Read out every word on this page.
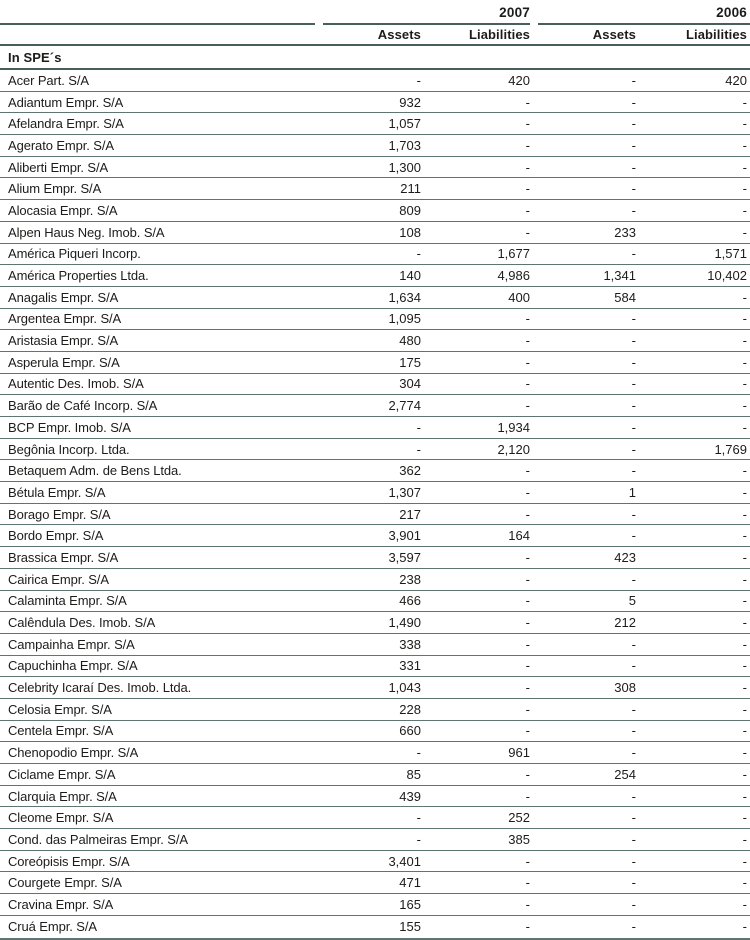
2007	2006
Assets	Liabilities	Assets	Liabilities
In SPE´s
Acer Part. S/A	-	420	-	420
Adiantum Empr. S/A	932	-	-	-
Afelandra Empr. S/A	1,057	-	-	-
Agerato Empr. S/A	1,703	-	-	-
Aliberti Empr. S/A	1,300	-	-	-
Alium Empr. S/A	211	-	-	-
Alocasia Empr. S/A	809	-	-	-
Alpen Haus Neg. Imob. S/A	108	-	233	-
América Piqueri Incorp.	-	1,677	-	1,571
América Properties Ltda.	140	4,986	1,341	10,402
Anagalis Empr. S/A	1,634	400	584	-
Argentea Empr. S/A	1,095	-	-	-
Aristasia Empr. S/A	480	-	-	-
Asperula Empr. S/A	175	-	-	-
Autentic Des. Imob. S/A	304	-	-	-
Barão de Café Incorp. S/A	2,774	-	-	-
BCP Empr. Imob. S/A	-	1,934	-	-
Begônia Incorp. Ltda.	-	2,120	-	1,769
Betaquem Adm. de Bens Ltda.	362	-	-	-
Bétula Empr. S/A	1,307	-	1	-
Borago Empr. S/A	217	-	-	-
Bordo Empr. S/A	3,901	164	-	-
Brassica Empr. S/A	3,597	-	423	-
Cairica Empr. S/A	238	-	-	-
Calaminta Empr. S/A	466	-	5	-
Calêndula Des. Imob. S/A	1,490	-	212	-
Campainha Empr. S/A	338	-	-	-
Capuchinha Empr. S/A	331	-	-	-
Celebrity Icaraí Des. Imob. Ltda.	1,043	-	308	-
Celosia Empr. S/A	228	-	-	-
Centela Empr. S/A	660	-	-	-
Chenopodio Empr. S/A	-	961	-	-
Ciclame Empr. S/A	85	-	254	-
Clarquia Empr. S/A	439	-	-	-
Cleome Empr. S/A	-	252	-	-
Cond. das Palmeiras Empr. S/A	-	385	-	-
Coreópisis Empr. S/A	3,401	-	-	-
Courgete Empr. S/A	471	-	-	-
Cravina Empr. S/A	165	-	-	-
Cruá Empr. S/A	155	-	-	-
